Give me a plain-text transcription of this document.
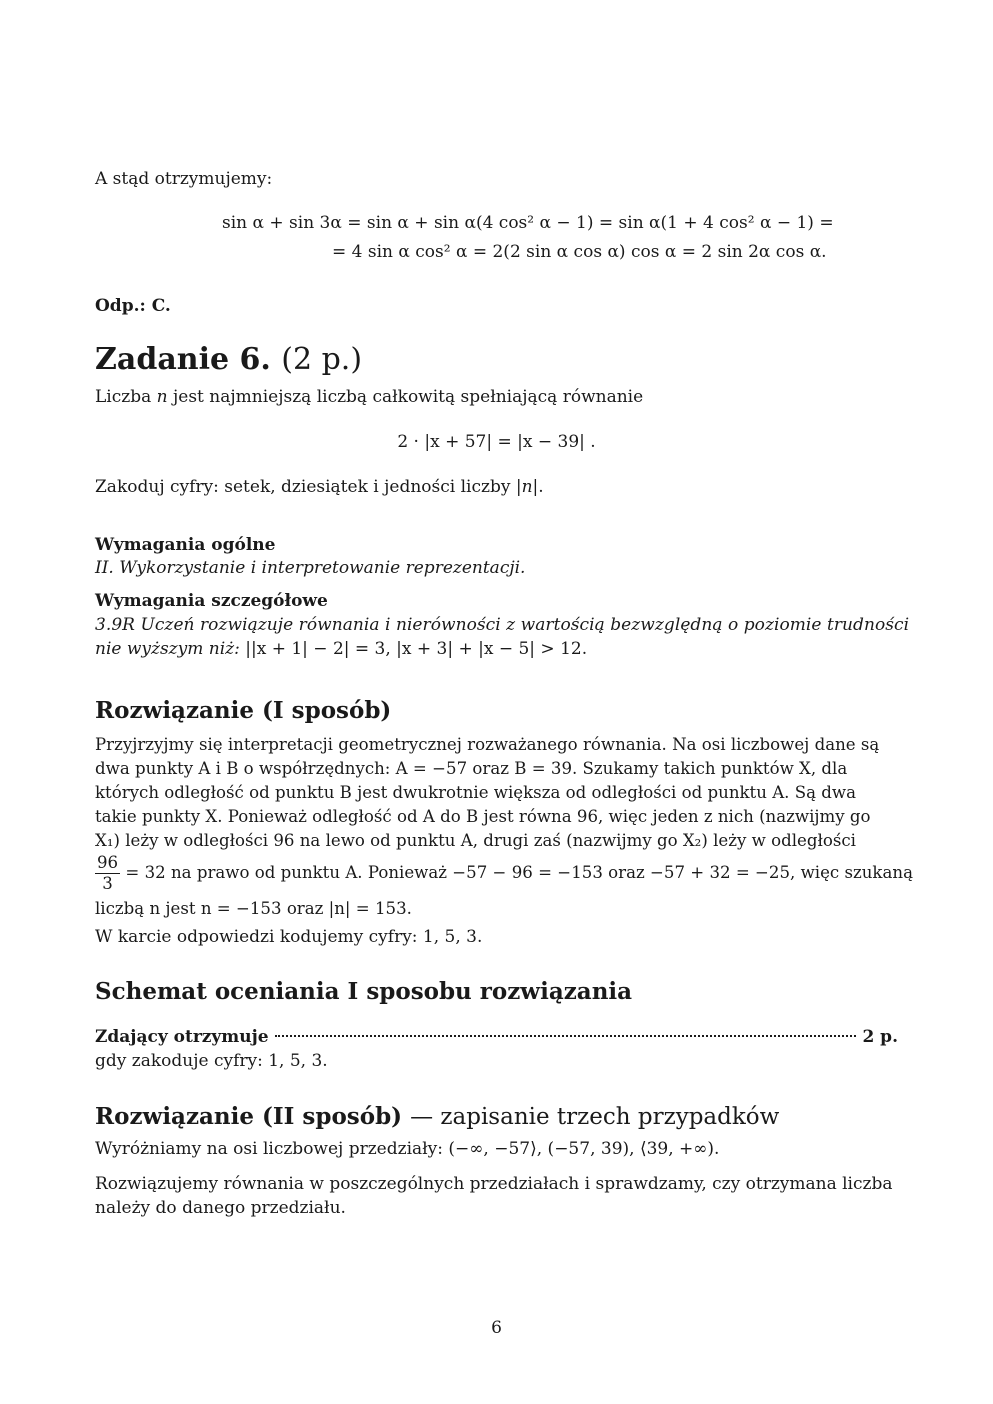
A stąd otrzymujemy:

sin α + sin 3α = sin α + sin α(4 cos² α − 1) = sin α(1 + 4 cos² α − 1) =
= 4 sin α cos² α = 2(2 sin α cos α) cos α = 2 sin 2α cos α.

Odp.: C.

Zadanie 6. (2 p.)

Liczba n jest najmniejszą liczbą całkowitą spełniającą równanie

2 · |x + 57| = |x − 39| .

Zakoduj cyfry: setek, dziesiątek i jedności liczby |n|.

Wymagania ogólne

II. Wykorzystanie i interpretowanie reprezentacji.

Wymagania szczegółowe

3.9R Uczeń rozwiązuje równania i nierówności z wartością bezwzględną o poziomie trudności

nie wyższym niż: ||x + 1| − 2| = 3, |x + 3| + |x − 5| > 12.

Rozwiązanie (I sposób)
Przyjrzyjmy się interpretacji geometrycznej rozważanego równania. Na osi liczbowej dane są
dwa punkty A i B o współrzędnych: A = −57 oraz B = 39. Szukamy takich punktów X, dla
których odległość od punktu B jest dwukrotnie większa od odległości od punktu A. Są dwa
takie punkty X. Ponieważ odległość od A do B jest równa 96, więc jeden z nich (nazwijmy go
X₁) leży w odległości 96 na lewo od punktu A, drugi zaś (nazwijmy go X₂) leży w odległości
$\frac{96}{3} = 32$ na prawo od punktu A. Ponieważ −57 − 96 = −153 oraz −57 + 32 = −25, więc szukaną
liczbą n jest n = −153 oraz |n| = 153.

W karcie odpowiedzi kodujemy cyfry: 1, 5, 3.

Schemat oceniania I sposobu rozwiązania
Zdający otrzymuje	2 p.

gdy zakoduje cyfry: 1, 5, 3.

Rozwiązanie (II sposób) — zapisanie trzech przypadków

Wyróżniamy na osi liczbowej przedziały: (−∞, −57⟩, (−57, 39), ⟨39, +∞).

Rozwiązujemy równania w poszczególnych przedziałach i sprawdzamy, czy otrzymana liczba

należy do danego przedziału.

6
